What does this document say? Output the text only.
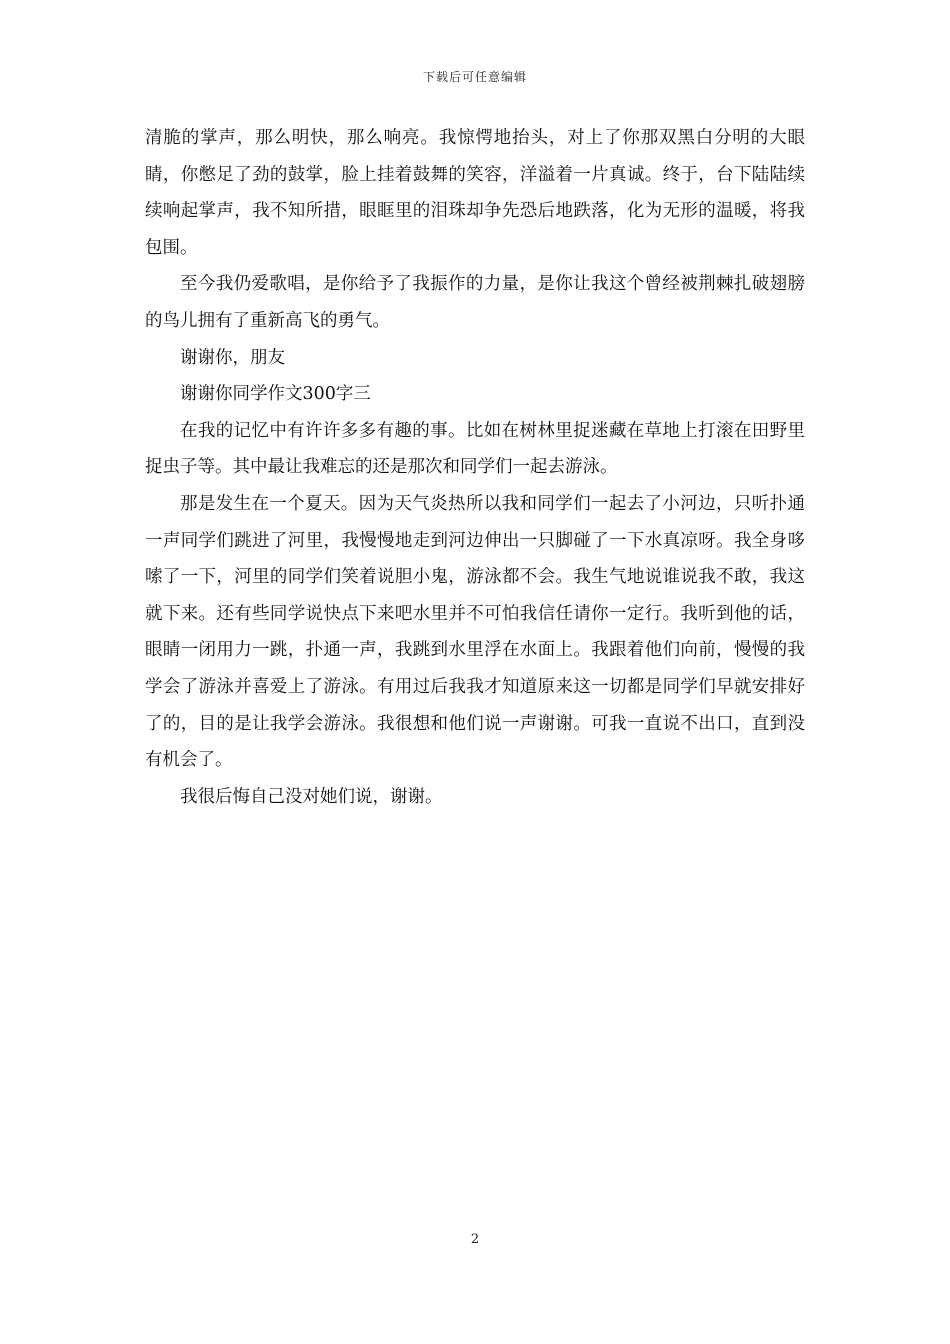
下载后可任意编辑

清脆的掌声，那么明快，那么响亮。我惊愕地抬头，对上了你那双黑白分明的大眼睛，你憋足了劲的鼓掌，脸上挂着鼓舞的笑容，洋溢着一片真诚。终于，台下陆陆续续响起掌声，我不知所措，眼眶里的泪珠却争先恐后地跌落，化为无形的温暖，将我包围。

至今我仍爱歌唱，是你给予了我振作的力量，是你让我这个曾经被荆棘扎破翅膀的鸟儿拥有了重新高飞的勇气。

谢谢你，朋友

谢谢你同学作文300字三

在我的记忆中有许许多多有趣的事。比如在树林里捉迷藏在草地上打滚在田野里捉虫子等。其中最让我难忘的还是那次和同学们一起去游泳。

那是发生在一个夏天。因为天气炎热所以我和同学们一起去了小河边，只听扑通一声同学们跳进了河里，我慢慢地走到河边伸出一只脚碰了一下水真凉呀。我全身哆嗦了一下，河里的同学们笑着说胆小鬼，游泳都不会。我生气地说谁说我不敢，我这就下来。还有些同学说快点下来吧水里并不可怕我信任请你一定行。我听到他的话，眼睛一闭用力一跳，扑通一声，我跳到水里浮在水面上。我跟着他们向前，慢慢的我学会了游泳并喜爱上了游泳。有用过后我我才知道原来这一切都是同学们早就安排好了的，目的是让我学会游泳。我很想和他们说一声谢谢。可我一直说不出口，直到没有机会了。

我很后悔自己没对她们说，谢谢。

2
